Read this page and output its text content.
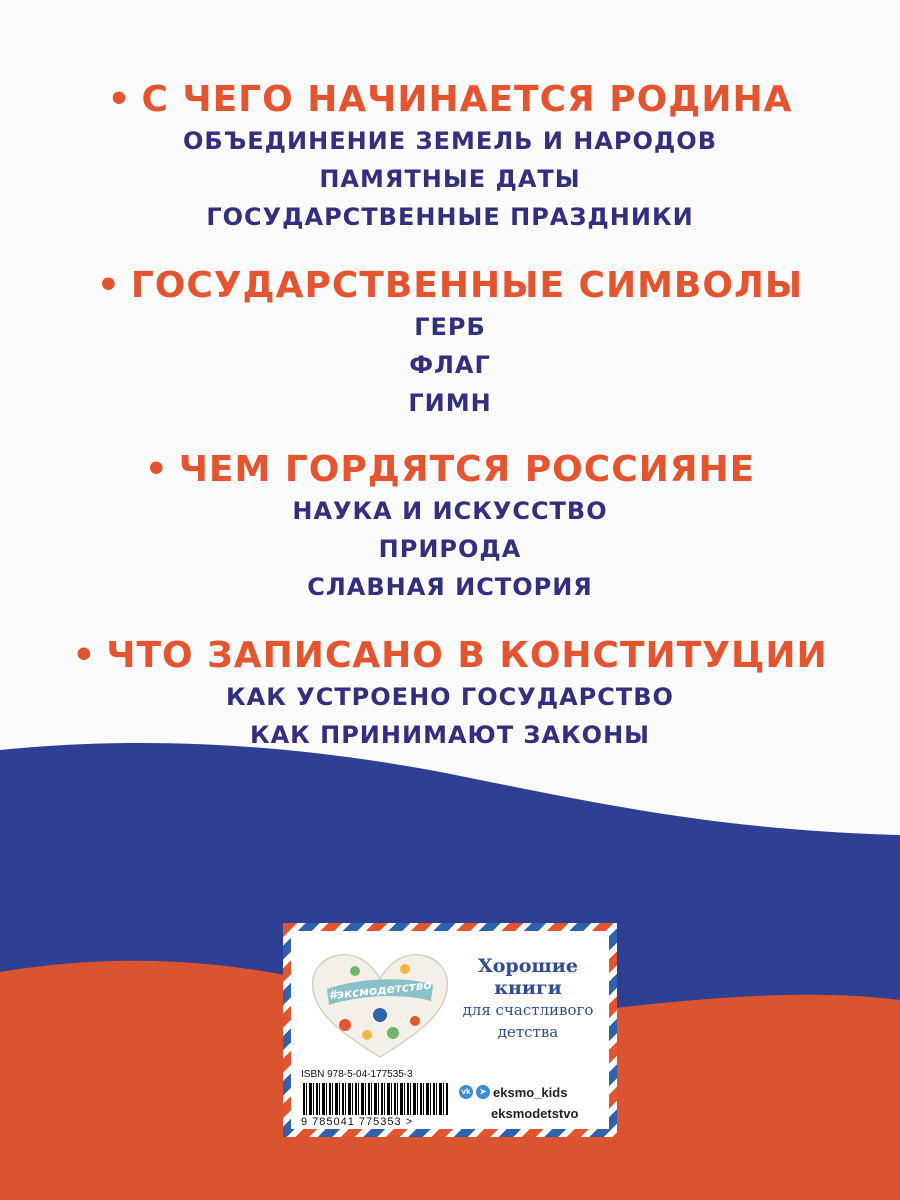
• С ЧЕГО НАЧИНАЕТСЯ РОДИНА
ОБЪЕДИНЕНИЕ ЗЕМЕЛЬ И НАРОДОВ
ПАМЯТНЫЕ ДАТЫ
ГОСУДАРСТВЕННЫЕ ПРАЗДНИКИ
• ГОСУДАРСТВЕННЫЕ СИМВОЛЫ
ГЕРБ
ФЛАГ
ГИМН
• ЧЕМ ГОРДЯТСЯ РОССИЯНЕ
НАУКА И ИСКУССТВО
ПРИРОДА
СЛАВНАЯ ИСТОРИЯ
• ЧТО ЗАПИСАНО В КОНСТИТУЦИИ
КАК УСТРОЕНО ГОСУДАРСТВО
КАК ПРИНИМАЮТ ЗАКОНЫ
#эксмодетство
Хорошие
книги
для счастливого
детства
ISBN 978-5-04-177535-3
9 785041 775353 >
vk	➤ eksmo_kids
eksmodetstvo
